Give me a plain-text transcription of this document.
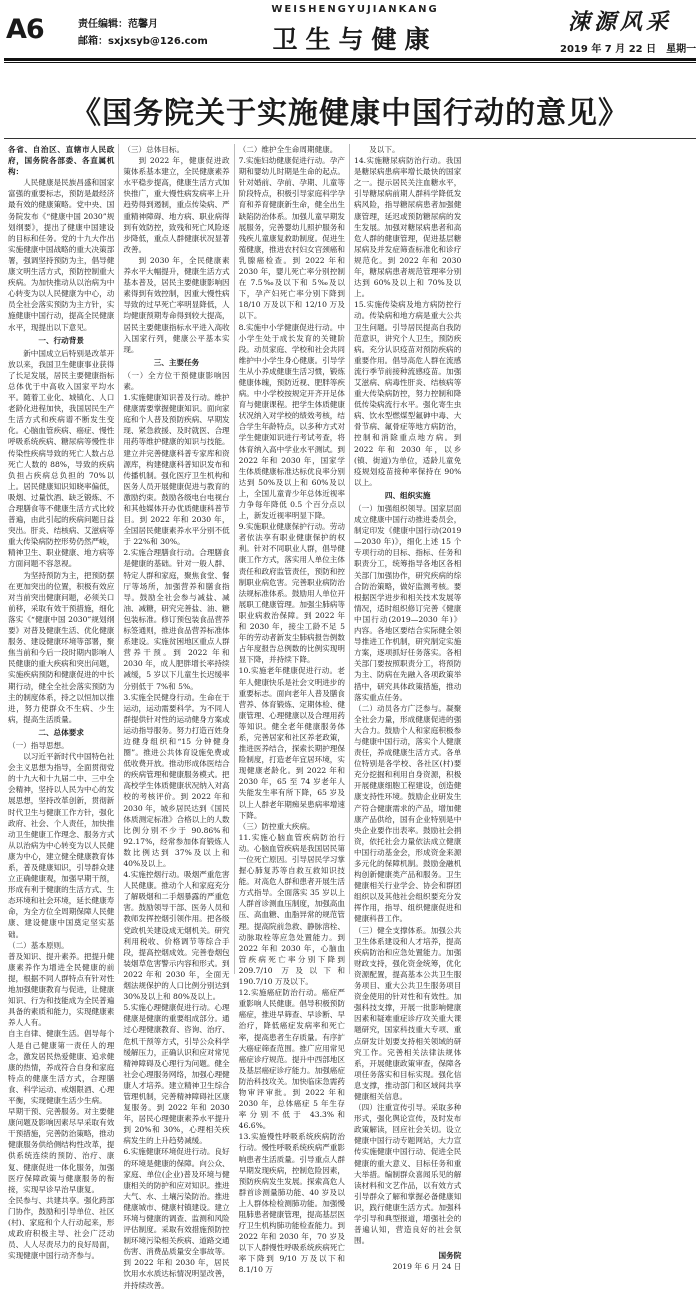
A6	责任编辑：范馨月
邮箱：sxjxsyb@126.com
WEISHENGYUJIANKANG
卫生与健康
涑源风采
2019 年 7 月 22 日　星期一
《国务院关于实施健康中国行动的意见》

各省、自治区、直辖市人民政府，国务院各部委、各直属机构：

人民健康是民族昌盛和国家富强的重要标志，预防是最经济最有效的健康策略。党中央、国务院发布《“健康中国 2030”规划纲要》，提出了健康中国建设的目标和任务。党的十九大作出实施健康中国战略的重大决策部署，强调坚持预防为主，倡导健康文明生活方式，预防控制重大疾病。为加快推动从以治病为中心转变为以人民健康为中心，动员全社会落实预防为主方针，实施健康中国行动，提高全民健康水平，现提出以下意见。

一、行动背景

新中国成立后特别是改革开放以来，我国卫生健康事业获得了长足发展，居民主要健康指标总体优于中高收入国家平均水平。随着工业化、城镇化、人口老龄化进程加快，我国居民生产生活方式和疾病谱不断发生变化。心脑血管疾病、癌症、慢性呼吸系统疾病、糖尿病等慢性非传染性疾病导致的死亡人数占总死亡人数的 88%，导致的疾病负担占疾病总负担的 70%以上。居民健康知识知晓率偏低，吸烟、过量饮酒、缺乏锻炼、不合理膳食等不健康生活方式比较普遍，由此引起的疾病问题日益突出。肝炎、结核病、艾滋病等重大传染病防控形势仍然严峻，精神卫生、职业健康、地方病等方面问题不容忽视。

为坚持预防为主，把预防摆在更加突出的位置，积极有效应对当前突出健康问题，必须关口前移，采取有效干预措施，细化落实《“健康中国 2030”规划纲要》对普及健康生活、优化健康服务、建设健康环境等部署，聚焦当前和今后一段时期内影响人民健康的重大疾病和突出问题，实施疾病预防和健康促进的中长期行动，健全全社会落实预防为主的制度体系，持之以恒加以推进，努力使群众不生病、少生病，提高生活质量。

二、总体要求

（一）指导思想。

以习近平新时代中国特色社会主义思想为指导，全面贯彻党的十九大和十九届二中、三中全会精神，坚持以人民为中心的发展思想，坚持改革创新，贯彻新时代卫生与健康工作方针，强化政府、社会、个人责任，加快推动卫生健康工作理念、服务方式从以治病为中心转变为以人民健康为中心，建立健全健康教育体系，普及健康知识，引导群众建立正确健康观，加强早期干预，形成有利于健康的生活方式、生态环境和社会环境，延长健康寿命，为全方位全周期保障人民健康、建设健康中国奠定坚实基础。

（二）基本原则。

普及知识、提升素养。把提升健康素养作为增进全民健康的前提，根据不同人群特点有针对性地加强健康教育与促进，让健康知识、行为和技能成为全民普遍具备的素质和能力，实现健康素养人人有。

自主自律、健康生活。倡导每个人是自己健康第一责任人的理念，激发居民热爱健康、追求健康的热情，养成符合自身和家庭特点的健康生活方式，合理膳食、科学运动、戒烟限酒、心理平衡，实现健康生活少生病。

早期干预、完善服务。对主要健康问题及影响因素尽早采取有效干预措施，完善防治策略，推动健康服务供给侧结构性改革，提供系统连续的预防、治疗、康复、健康促进一体化服务，加强医疗保障政策与健康服务的衔接，实现早诊早治早康复。

全民参与、共建共享。强化跨部门协作，鼓励和引导单位、社区(村)、家庭和个人行动起来，形成政府积极主导、社会广泛动员、人人尽责尽力的良好局面，实现健康中国行动齐参与。

（三）总体目标。

到 2022 年，健康促进政策体系基本建立，全民健康素养水平稳步提高，健康生活方式加快推广，重大慢性病发病率上升趋势得到遏制，重点传染病、严重精神障碍、地方病、职业病得到有效防控，致残和死亡风险逐步降低，重点人群健康状况显著改善。

到 2030 年，全民健康素养水平大幅提升，健康生活方式基本普及，居民主要健康影响因素得到有效控制，因重大慢性病导致的过早死亡率明显降低，人均健康预期寿命得到较大提高，居民主要健康指标水平进入高收入国家行列，健康公平基本实现。

三、主要任务

（一）全方位干预健康影响因素。

1.实施健康知识普及行动。维护健康需要掌握健康知识。面向家庭和个人普及预防疾病、早期发现、紧急救援、及时就医、合理用药等维护健康的知识与技能。建立并完善健康科普专家库和资源库，构建健康科普知识发布和传播机制。强化医疗卫生机构和医务人员开展健康促进与教育的激励约束。鼓励各级电台电视台和其他媒体开办优质健康科普节目。到 2022 年和 2030 年，全国居民健康素养水平分别不低于 22%和 30%。

2.实施合理膳食行动。合理膳食是健康的基础。针对一般人群、特定人群和家庭，聚焦食堂、餐厅等场所，加强营养和膳食指导。鼓励全社会参与减盐、减油、减糖，研究完善盐、油、糖包装标准。修订预包装食品营养标签通则，推进食品营养标准体系建设。实施贫困地区重点人群营养干预。到 2022 年和 2030 年，成人肥胖增长率持续减缓，5 岁以下儿童生长迟缓率分别低于 7%和 5%。

3.实施全民健身行动。生命在于运动，运动需要科学。为不同人群提供针对性的运动健身方案或运动指导服务。努力打造百姓身边健身组织和“15 分钟健身圈”。推进公共体育设施免费或低收费开放。推动形成体医结合的疾病管理和健康服务模式。把高校学生体质健康状况纳入对高校的考核评价。到 2022 年和 2030 年，城乡居民达到《国民体质测定标准》合格以上的人数比例分别不少于 90.86%和 92.17%，经常参加体育锻炼人数比例达到 37%及以上和 40%及以上。

4.实施控烟行动。吸烟严重危害人民健康。推动个人和家庭充分了解吸烟和二手烟暴露的严重危害。鼓励领导干部、医务人员和教师发挥控烟引领作用。把各级党政机关建设成无烟机关。研究利用税收、价格调节等综合手段，提高控烟成效。完善卷烟包装烟草危害警示内容和形式。到 2022 年和 2030 年，全面无烟法规保护的人口比例分别达到 30%及以上和 80%及以上。

5.实施心理健康促进行动。心理健康是健康的重要组成部分。通过心理健康教育、咨询、治疗、危机干预等方式，引导公众科学缓解压力，正确认识和应对常见精神障碍及心理行为问题。健全社会心理服务网络，加强心理健康人才培养。建立精神卫生综合管理机制，完善精神障碍社区康复服务。到 2022 年和 2030 年，居民心理健康素养水平提升到 20%和 30%，心理相关疾病发生的上升趋势减缓。

6.实施健康环境促进行动。良好的环境是健康的保障。向公众、家庭、单位(企业)普及环境与健康相关的防护和应对知识。推进大气、水、土壤污染防治。推进健康城市、健康村镇建设。建立环境与健康的调查、监测和风险评估制度。采取有效措施预防控制环境污染相关疾病、道路交通伤害、消费品质量安全事故等。到 2022 年和 2030 年，居民饮用水水质达标情况明显改善，并持续改善。

（二）维护全生命周期健康。

7.实施妇幼健康促进行动。孕产期和婴幼儿时期是生命的起点。针对婚前、孕前、孕期、儿童等阶段特点，积极引导家庭科学孕育和养育健康新生命，健全出生缺陷防治体系。加强儿童早期发展服务，完善婴幼儿照护服务和残疾儿童康复救助制度。促进生殖健康，推进农村妇女宫颈癌和乳腺癌检查。到 2022 年和 2030 年，婴儿死亡率分别控制在 7.5‰及以下和 5‰及以下，孕产妇死亡率分别下降到 18/10 万及以下和 12/10 万及以下。

8.实施中小学健康促进行动。中小学生处于成长发育的关键阶段。动员家庭、学校和社会共同维护中小学生身心健康。引导学生从小养成健康生活习惯，锻炼健康体魄，预防近视、肥胖等疾病。中小学校按规定开齐开足体育与健康课程。把学生体质健康状况纳入对学校的绩效考核，结合学生年龄特点，以多种方式对学生健康知识进行考试考查，将体育纳入高中学业水平测试。到 2022 年和 2030 年，国家学生体质健康标准达标优良率分别达到 50%及以上和 60%及以上，全国儿童青少年总体近视率力争每年降低 0.5 个百分点以上，新发近视率明显下降。

9.实施职业健康保护行动。劳动者依法享有职业健康保护的权利。针对不同职业人群，倡导健康工作方式，落实用人单位主体责任和政府监管责任，预防和控制职业病危害。完善职业病防治法规标准体系。鼓励用人单位开展职工健康管理。加强尘肺病等职业病救治保障。到 2022 年和 2030 年，接尘工龄不足 5 年的劳动者新发尘肺病报告例数占年度报告总例数的比例实现明显下降，并持续下降。

10.实施老年健康促进行动。老年人健康快乐是社会文明进步的重要标志。面向老年人普及膳食营养、体育锻炼、定期体检、健康管理、心理健康以及合理用药等知识。健全老年健康服务体系，完善居家和社区养老政策，推进医养结合，探索长期护理保险制度，打造老年宜居环境，实现健康老龄化。到 2022 年和 2030 年，65 至 74 岁老年人失能发生率有所下降，65 岁及以上人群老年期痴呆患病率增速下降。

（三）防控重大疾病。

11.实施心脑血管疾病防治行动。心脑血管疾病是我国居民第一位死亡原因。引导居民学习掌握心肺复苏等自救互救知识技能。对高危人群和患者开展生活方式指导。全面落实 35 岁以上人群首诊测血压制度，加强高血压、高血糖、血脂异常的规范管理。提高院前急救、静脉溶栓、动脉取栓等应急处置能力。到 2022 年和 2030 年，心脑血管疾病死亡率分别下降到 209.7/10 万及以下和 190.7/10 万及以下。

12.实施癌症防治行动。癌症严重影响人民健康。倡导积极预防癌症，推进早筛查、早诊断、早治疗，降低癌症发病率和死亡率，提高患者生存质量。有序扩大癌症筛查范围。推广应用常见癌症诊疗规范。提升中西部地区及基层癌症诊疗能力。加强癌症防治科技攻关。加快临床急需药物审评审批。到 2022 年和 2030 年，总体癌症 5 年生存率分别不低于 43.3%和 46.6%。

13.实施慢性呼吸系统疾病防治行动。慢性呼吸系统疾病严重影响患者生活质量。引导重点人群早期发现疾病，控制危险因素，预防疾病发生发展。探索高危人群首诊测量肺功能、40 岁及以上人群体检检测肺功能。加强慢阻肺患者健康管理，提高基层医疗卫生机构肺功能检查能力。到 2022 年和 2030 年，70 岁及以下人群慢性呼吸系统疾病死亡率下降到 9/10 万及以下和 8.1/10 万

及以下。

14.实施糖尿病防治行动。我国是糖尿病患病率增长最快的国家之一。提示居民关注血糖水平，引导糖尿病前期人群科学降低发病风险，指导糖尿病患者加强健康管理，延迟或预防糖尿病的发生发展。加强对糖尿病患者和高危人群的健康管理，促进基层糖尿病及并发症筛查标准化和诊疗规范化。到 2022 年和 2030 年，糖尿病患者规范管理率分别达到 60%及以上和 70%及以上。

15.实施传染病及地方病防控行动。传染病和地方病是重大公共卫生问题。引导居民提高自我防范意识，讲究个人卫生，预防疾病。充分认识疫苗对预防疾病的重要作用。倡导高危人群在流感流行季节前接种流感疫苗。加强艾滋病、病毒性肝炎、结核病等重大传染病防控，努力控制和降低传染病流行水平。强化寄生虫病、饮水型燃煤型氟砷中毒、大骨节病、氟骨症等地方病防治，控制和消除重点地方病。到 2022 年和 2030 年，以乡(镇、街道)为单位，适龄儿童免疫规划疫苗接种率保持在 90%以上。

四、组织实施

（一）加强组织领导。国家层面成立健康中国行动推进委员会，制定印发《健康中国行动(2019—2030 年)》，细化上述 15 个专项行动的目标、指标、任务和职责分工，统筹指导各地区各相关部门加强协作，研究疾病的综合防治策略，做好监测考核。要根据医学进步和相关技术发展等情况，适时组织修订完善《健康中国行动(2019—2030 年)》内容。各地区要结合实际健全领导推进工作机制，研究制定实施方案，逐项抓好任务落实。各相关部门要按照职责分工，将预防为主、防病在先融入各项政策举措中，研究具体政策措施，推动落实重点任务。

（二）动员各方广泛参与。凝聚全社会力量，形成健康促进的强大合力。鼓励个人和家庭积极参与健康中国行动，落实个人健康责任，养成健康生活方式。各单位特别是各学校、各社区(村)要充分挖掘和利用自身资源，积极开展健康细胞工程建设，创造健康支持性环境。鼓励企业研发生产符合健康需求的产品，增加健康产品供给，国有企业特别是中央企业要作出表率。鼓励社会捐资，依托社会力量依法成立健康中国行动基金会，形成资金来源多元化的保障机制。鼓励金融机构创新健康类产品和服务。卫生健康相关行业学会、协会和群团组织以及其他社会组织要充分发挥作用，指导、组织健康促进和健康科普工作。

（三）健全支撑体系。加强公共卫生体系建设和人才培养，提高疾病防治和应急处置能力。加强财政支持，强化资金统筹，优化资源配置，提高基本公共卫生服务项目、重大公共卫生服务项目资金使用的针对性和有效性。加强科技支撑，开展一批影响健康因素和疑难重症诊疗攻关重大课题研究，国家科技重大专项、重点研发计划要支持相关领域的研究工作。完善相关法律法规体系，开展健康政策审查，保障各项任务落实和目标实现。强化信息支撑，推动部门和区域间共享健康相关信息。

（四）注重宣传引导。采取多种形式，强化舆论宣传，及时发布政策解读，回应社会关切。设立健康中国行动专题网站，大力宣传实施健康中国行动、促进全民健康的重大意义、目标任务和重大举措。编制群众喜闻乐见的解读材料和文艺作品，以有效方式引导群众了解和掌握必备健康知识，践行健康生活方式。加强科学引导和典型报道，增强社会的普遍认知，营造良好的社会氛围。

国务院

2019 年 6 月 24 日
